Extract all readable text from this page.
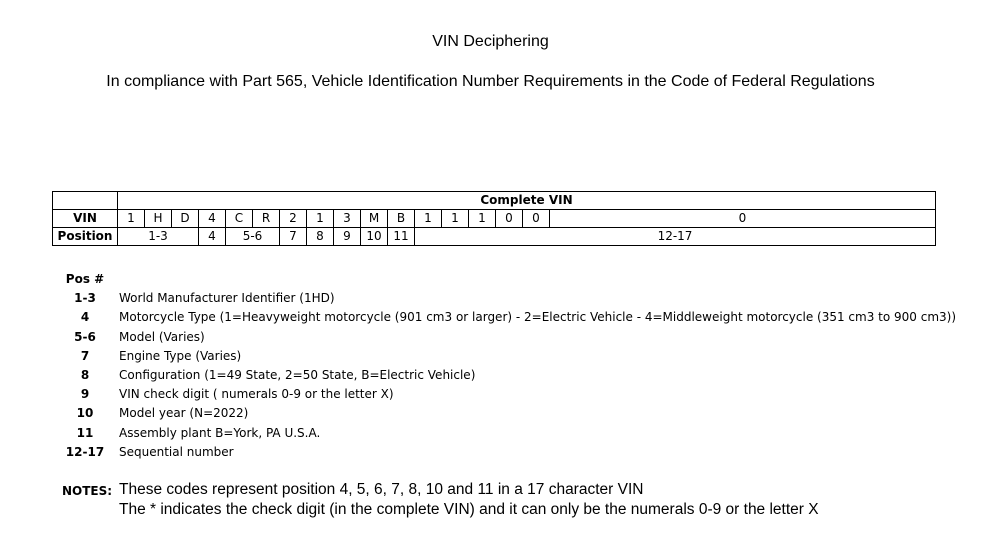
VIN Deciphering
In compliance with Part 565, Vehicle Identification Number Requirements in the Code of Federal Regulations
	Complete VIN																
VIN	1	H	D	4	C	R	2	1	3	M	B	1	1	1	0	0	0
Position	1-3			4	5-6		7	8	9	10	11	12-17					
Pos #
1-3	World Manufacturer Identifier (1HD)
4	Motorcycle Type (1=Heavyweight motorcycle (901 cm3 or larger) - 2=Electric Vehicle - 4=Middleweight motorcycle (351 cm3 to 900 cm3))
5-6	Model (Varies)
7	Engine Type (Varies)
8	Configuration (1=49 State, 2=50 State, B=Electric Vehicle)
9	VIN check digit ( numerals 0-9 or the letter X)
10	Model year (N=2022)
11	Assembly plant B=York, PA U.S.A.
12-17	Sequential number
NOTES: These codes represent position 4, 5, 6, 7, 8, 10 and 11 in a 17 character VIN
The * indicates the check digit (in the complete VIN) and it can only be the numerals 0-9 or the letter X
